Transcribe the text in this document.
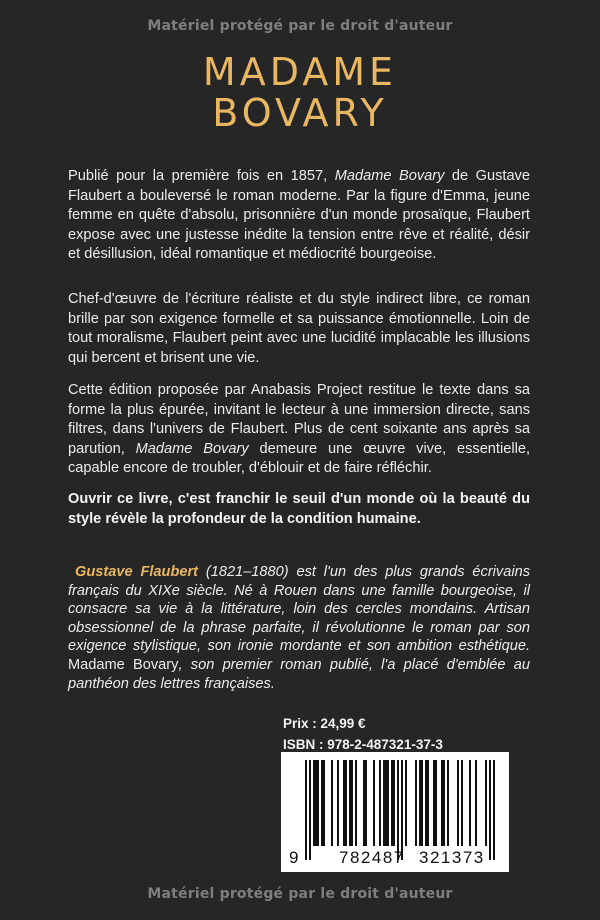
Matériel protégé par le droit d'auteur
MADAME
BOVARY
Publié pour la première fois en 1857, Madame Bovary de Gustave Flaubert a bouleversé le roman moderne. Par la figure d'Emma, jeune femme en quête d'absolu, prisonnière d'un monde prosaïque, Flaubert expose avec une justesse inédite la tension entre rêve et réalité, désir et désillusion, idéal romantique et médiocrité bourgeoise.
Chef-d'œuvre de l'écriture réaliste et du style indirect libre, ce roman brille par son exigence formelle et sa puissance émotionnelle. Loin de tout moralisme, Flaubert peint avec une lucidité implacable les illusions qui bercent et brisent une vie.
Cette édition proposée par Anabasis Project restitue le texte dans sa forme la plus épurée, invitant le lecteur à une immersion directe, sans filtres, dans l'univers de Flaubert. Plus de cent soixante ans après sa parution, Madame Bovary demeure une œuvre vive, essentielle, capable encore de troubler, d'éblouir et de faire réfléchir.
Ouvrir ce livre, c'est franchir le seuil d'un monde où la beauté du style révèle la profondeur de la condition humaine.
Gustave Flaubert (1821–1880) est l'un des plus grands écrivains français du XIXe siècle. Né à Rouen dans une famille bourgeoise, il consacre sa vie à la littérature, loin des cercles mondains. Artisan obsessionnel de la phrase parfaite, il révolutionne le roman par son exigence stylistique, son ironie mordante et son ambition esthétique. Madame Bovary, son premier roman publié, l'a placé d'emblée au panthéon des lettres françaises.
Prix : 24,99 €
ISBN : 978-2-487321-37-3
9 782487 321373
Matériel protégé par le droit d'auteur
